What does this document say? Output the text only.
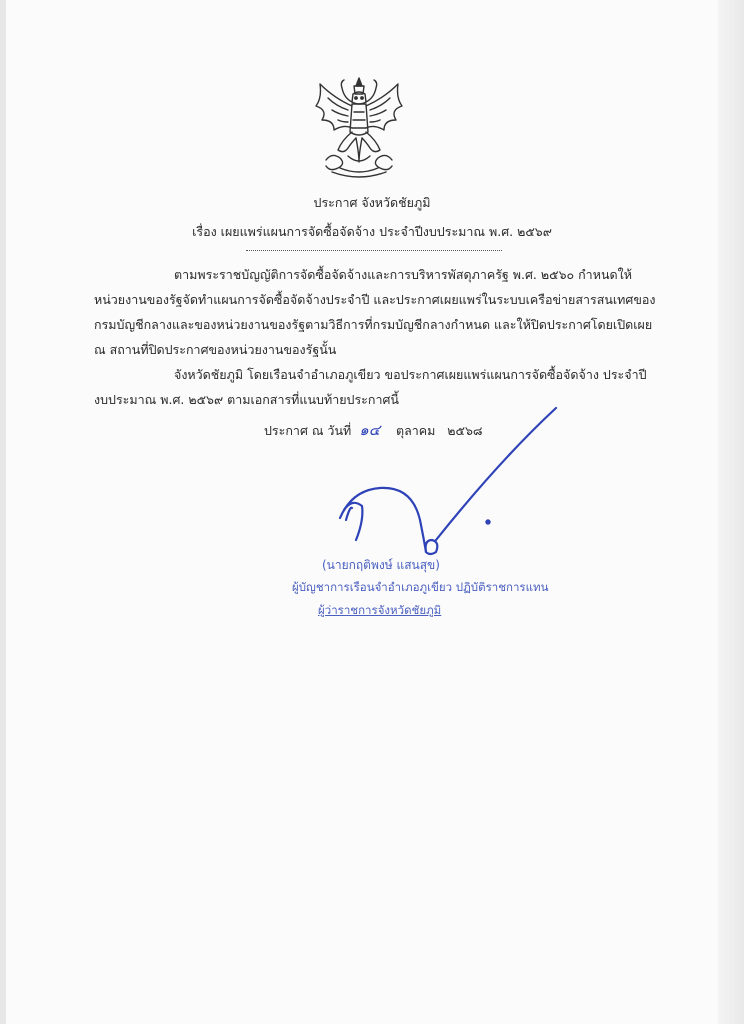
ประกาศ จังหวัดชัยภูมิ
เรื่อง เผยแพร่แผนการจัดซื้อจัดจ้าง ประจำปีงบประมาณ พ.ศ. ๒๕๖๙
ตามพระราชบัญญัติการจัดซื้อจัดจ้างและการบริหารพัสดุภาครัฐ พ.ศ. ๒๕๖๐ กำหนดให้
หน่วยงานของรัฐจัดทำแผนการจัดซื้อจัดจ้างประจำปี และประกาศเผยแพร่ในระบบเครือข่ายสารสนเทศของ
กรมบัญชีกลางและของหน่วยงานของรัฐตามวิธีการที่กรมบัญชีกลางกำหนด และให้ปิดประกาศโดยเปิดเผย
ณ สถานที่ปิดประกาศของหน่วยงานของรัฐนั้น
จังหวัดชัยภูมิ โดยเรือนจำอำเภอภูเขียว ขอประกาศเผยแพร่แผนการจัดซื้อจัดจ้าง ประจำปี
งบประมาณ พ.ศ. ๒๕๖๙ ตามเอกสารที่แนบท้ายประกาศนี้
ประกาศ ณ วันที่ ๑๔ ตุลาคม ๒๕๖๘
(นายกฤติพงษ์ แสนสุข)
ผู้บัญชาการเรือนจำอำเภอภูเขียว ปฏิบัติราชการแทน
ผู้ว่าราชการจังหวัดชัยภูมิ
